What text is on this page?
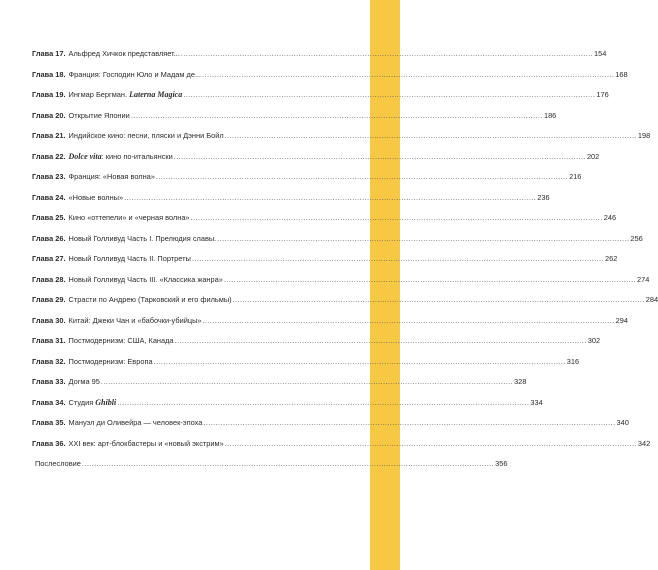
Глава 17. Альфред Хичкок представляет... .....	154
Глава 18. Франция: Господин Юло и Мадам де... .....	168
Глава 19. Ингмар Бергман. Laterna Magica .....	176
Глава 20. Открытие Японии .....	186
Глава 21. Индийское кино: песни, пляски и Дэнни Бойл .....	198
Глава 22. Dolce vita: кино по-итальянски .....	202
Глава 23. Франция: «Новая волна» .....	216
Глава 24. «Новые волны» .....	236
Глава 25. Кино «оттепели» и «черная волна» .....	246
Глава 26. Новый Голливуд Часть I. Прелюдия славы. .....	256
Глава 27. Новый Голливуд Часть II. Портреты .....	262
Глава 28. Новый Голливуд Часть III. «Классика жанра» .....	274
Глава 29. Страсти по Андрею (Тарковский и его фильмы) .....	284
Глава 30. Китай: Джеки Чан и «бабочки-убийцы» .....	294
Глава 31. Постмодернизм: США, Канада .....	302
Глава 32. Постмодернизм: Европа .....	316
Глава 33. Догма 95 .....	328
Глава 34. Студия Ghibli .....	334
Глава 35. Мануэл ди Оливейра — человек-эпоха .....	340
Глава 36. XXI век: арт-блокбастеры и «новый экстрим» .....	342
Послесловие .....	356
